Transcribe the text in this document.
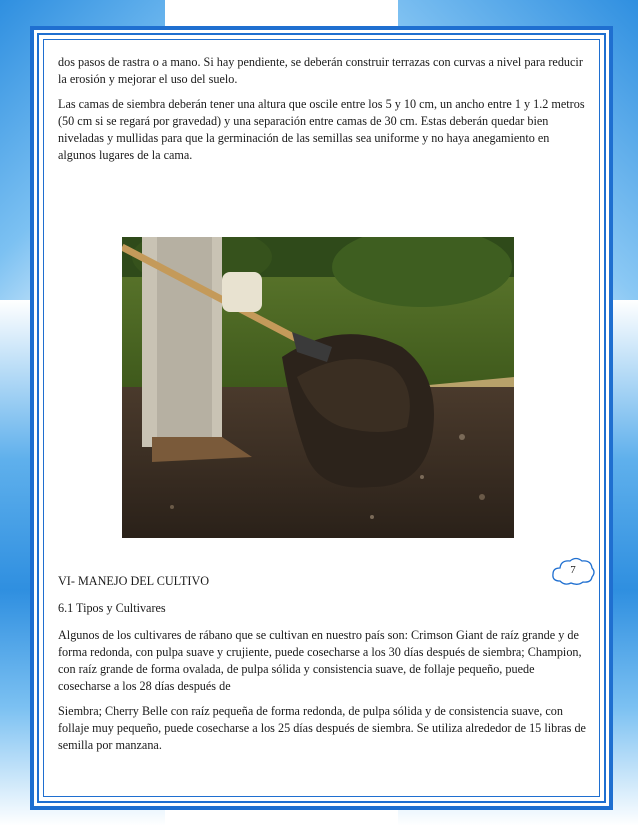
dos pasos de rastra o a mano. Si hay pendiente, se deberán construir terrazas con curvas a nivel para reducir la erosión y mejorar el uso del suelo.

Las camas de siembra deberán tener una altura que oscile entre los 5 y 10 cm, un ancho entre 1 y 1.2 metros (50 cm si se regará por gravedad) y una separación entre camas de 30 cm. Estas deberán quedar bien niveladas y mullidas para que la germinación de las semillas sea uniforme y no haya anegamiento en algunos lugares de la cama.

7
VI- MANEJO DEL CULTIVO
6.1 Tipos y Cultivares

Algunos de los cultivares de rábano que se cultivan en nuestro país son: Crimson Giant de raíz grande y de forma redonda, con pulpa suave y crujiente, puede cosecharse a los 30 días después de siembra; Champion, con raíz grande de forma ovalada, de pulpa sólida y consistencia suave, de follaje pequeño, puede cosecharse a los 28 días después de

Siembra; Cherry Belle con raíz pequeña de forma redonda, de pulpa sólida y de consistencia suave, con follaje muy pequeño, puede cosecharse a los 25 días después de siembra. Se utiliza alrededor de 15 libras de semilla por manzana.
